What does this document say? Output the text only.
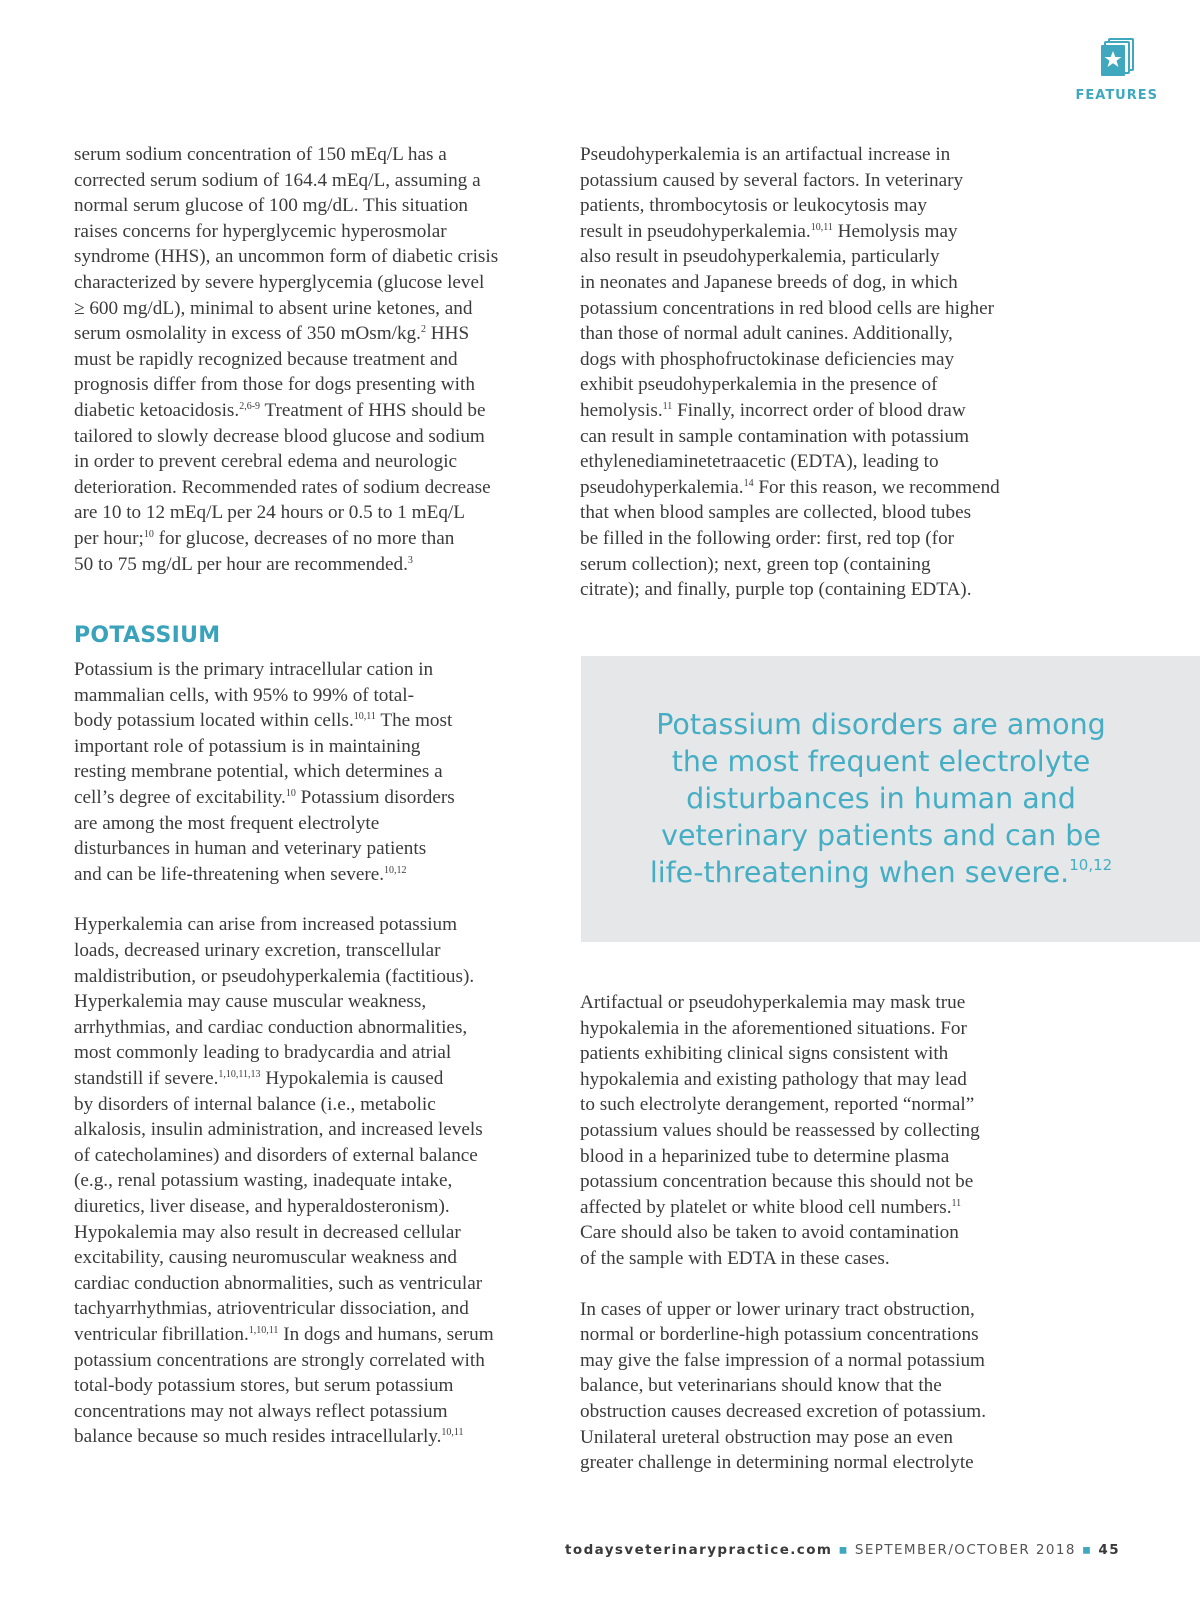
FEATURES

serum sodium concentration of 150 mEq/L has a
corrected serum sodium of 164.4 mEq/L, assuming a
normal serum glucose of 100 mg/dL. This situation
raises concerns for hyperglycemic hyperosmolar
syndrome (HHS), an uncommon form of diabetic crisis
characterized by severe hyperglycemia (glucose level
≥ 600 mg/dL), minimal to absent urine ketones, and
serum osmolality in excess of 350 mOsm/kg.$^2$ HHS
must be rapidly recognized because treatment and
prognosis differ from those for dogs presenting with
diabetic ketoacidosis.$^{2,6-9}$ Treatment of HHS should be
tailored to slowly decrease blood glucose and sodium
in order to prevent cerebral edema and neurologic
deterioration. Recommended rates of sodium decrease
are 10 to 12 mEq/L per 24 hours or 0.5 to 1 mEq/L
per hour;$^{10}$ for glucose, decreases of no more than
50 to 75 mg/dL per hour are recommended.$^3$

POTASSIUM

Potassium is the primary intracellular cation in
mammalian cells, with 95% to 99% of total-
body potassium located within cells.$^{10,11}$ The most
important role of potassium is in maintaining
resting membrane potential, which determines a
cell’s degree of excitability.$^{10}$ Potassium disorders
are among the most frequent electrolyte
disturbances in human and veterinary patients
and can be life-threatening when severe.$^{10,12}$

Hyperkalemia can arise from increased potassium
loads, decreased urinary excretion, transcellular
maldistribution, or pseudohyperkalemia (factitious).
Hyperkalemia may cause muscular weakness,
arrhythmias, and cardiac conduction abnormalities,
most commonly leading to bradycardia and atrial
standstill if severe.$^{1,10,11,13}$ Hypokalemia is caused
by disorders of internal balance (i.e., metabolic
alkalosis, insulin administration, and increased levels
of catecholamines) and disorders of external balance
(e.g., renal potassium wasting, inadequate intake,
diuretics, liver disease, and hyperaldosteronism).
Hypokalemia may also result in decreased cellular
excitability, causing neuromuscular weakness and
cardiac conduction abnormalities, such as ventricular
tachyarrhythmias, atrioventricular dissociation, and
ventricular fibrillation.$^{1,10,11}$ In dogs and humans, serum
potassium concentrations are strongly correlated with
total-body potassium stores, but serum potassium
concentrations may not always reflect potassium
balance because so much resides intracellularly.$^{10,11}$

Pseudohyperkalemia is an artifactual increase in
potassium caused by several factors. In veterinary
patients, thrombocytosis or leukocytosis may
result in pseudohyperkalemia.$^{10,11}$ Hemolysis may
also result in pseudohyperkalemia, particularly
in neonates and Japanese breeds of dog, in which
potassium concentrations in red blood cells are higher
than those of normal adult canines. Additionally,
dogs with phosphofructokinase deficiencies may
exhibit pseudohyperkalemia in the presence of
hemolysis.$^{11}$ Finally, incorrect order of blood draw
can result in sample contamination with potassium
ethylenediaminetetraacetic (EDTA), leading to
pseudohyperkalemia.$^{14}$ For this reason, we recommend
that when blood samples are collected, blood tubes
be filled in the following order: first, red top (for
serum collection); next, green top (containing
citrate); and finally, purple top (containing EDTA).

Potassium disorders are among
the most frequent electrolyte
disturbances in human and
veterinary patients and can be
life-threatening when severe.$^{10,12}$

Artifactual or pseudohyperkalemia may mask true
hypokalemia in the aforementioned situations. For
patients exhibiting clinical signs consistent with
hypokalemia and existing pathology that may lead
to such electrolyte derangement, reported “normal”
potassium values should be reassessed by collecting
blood in a heparinized tube to determine plasma
potassium concentration because this should not be
affected by platelet or white blood cell numbers.$^{11}$
Care should also be taken to avoid contamination
of the sample with EDTA in these cases.

In cases of upper or lower urinary tract obstruction,
normal or borderline-high potassium concentrations
may give the false impression of a normal potassium
balance, but veterinarians should know that the
obstruction causes decreased excretion of potassium.
Unilateral ureteral obstruction may pose an even
greater challenge in determining normal electrolyte

todaysveterinarypractice.com ▪ SEPTEMBER/OCTOBER 2018 ▪ 45
